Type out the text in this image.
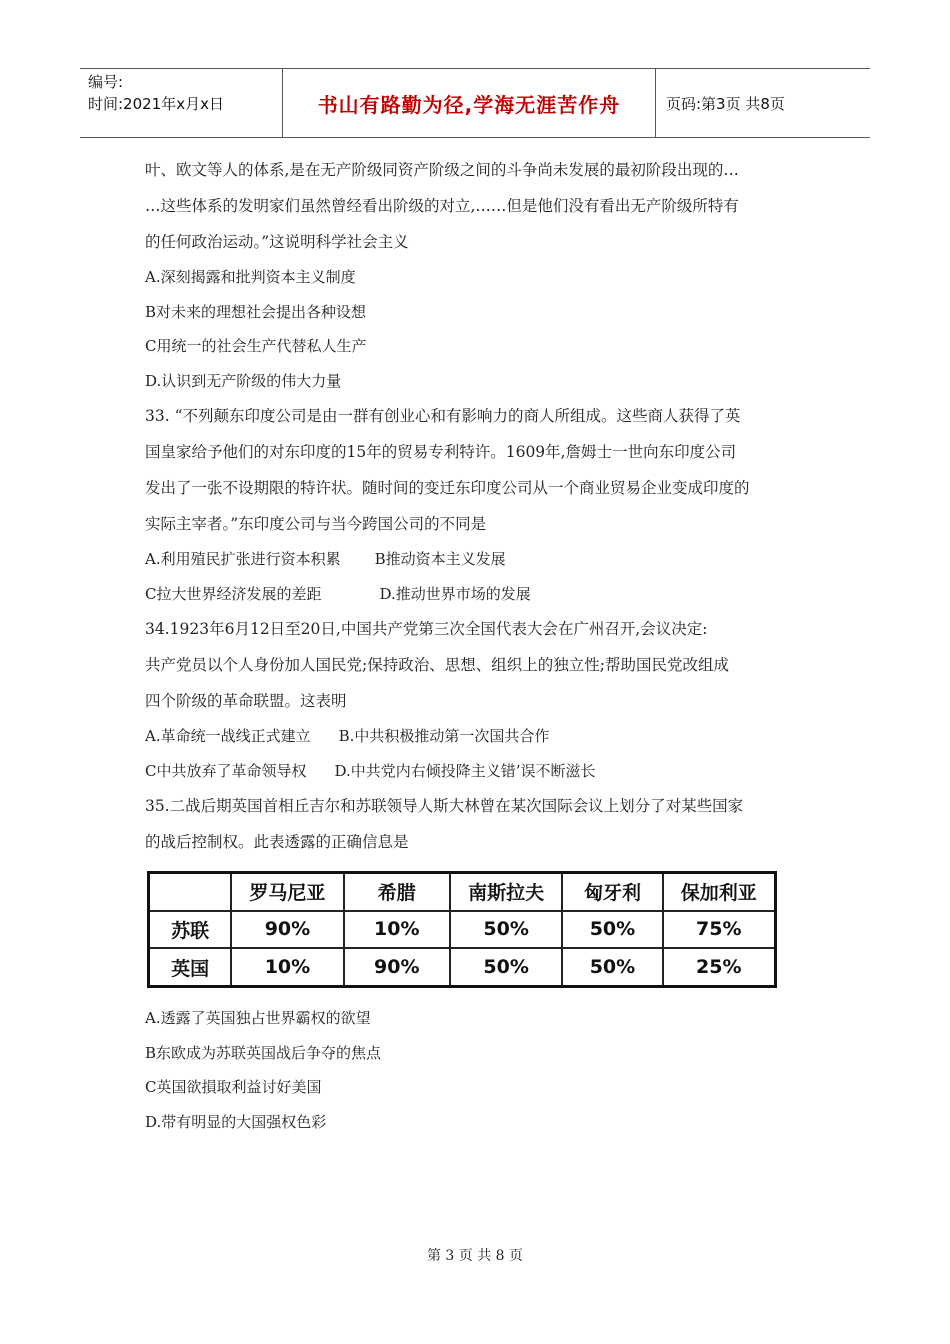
编号:
时间:2021年x月x日	书山有路勤为径,学海无涯苦作舟	页码:第3页 共8页
叶、欧文等人的体系,是在无产阶级同资产阶级之间的斗争尚未发展的最初阶段出现的…
…这些体系的发明家们虽然曾经看出阶级的对立,……但是他们没有看出无产阶级所特有
的任何政治运动。”这说明科学社会主义
A.深刻揭露和批判资本主义制度
B对未来的理想社会提出各种设想
C用统一的社会生产代替私人生产
D.认识到无产阶级的伟大力量
33. “不列颠东印度公司是由一群有创业心和有影响力的商人所组成。这些商人获得了英
国皇家给予他们的对东印度的15年的贸易专利特许。1609年,詹姆士一世向东印度公司
发出了一张不设期限的特许状。随时间的变迁东印度公司从一个商业贸易企业变成印度的
实际主宰者。”东印度公司与当今跨国公司的不同是
A.利用殖民扩张进行资本积累 B推动资本主义发展
C拉大世界经济发展的差距	D.推动世界市场的发展
34.1923年6月12日至20日,中国共产党第三次全国代表大会在广州召开,会议决定:
共产党员以个人身份加人国民党;保持政治、思想、组织上的独立性;帮助国民党改组成
四个阶级的革命联盟。这表明
A.革命统一战线正式建立 B.中共积极推动第一次国共合作
C中共放弃了革命领导权 D.中共党内右倾投降主义错’误不断滋长
35.二战后期英国首相丘吉尔和苏联领导人斯大林曾在某次国际会议上划分了对某些国家
的战后控制权。此表透露的正确信息是
	罗马尼亚	希腊	南斯拉夫	匈牙利	保加利亚
苏联	90%	10%	50%	50%	75%
英国	10%	90%	50%	50%	25%
A.透露了英国独占世界霸权的欲望
B东欧成为苏联英国战后争夺的焦点
C英国欲損取利益讨好美国
D.带有明显的大国强权色彩
第 3 页 共 8 页
